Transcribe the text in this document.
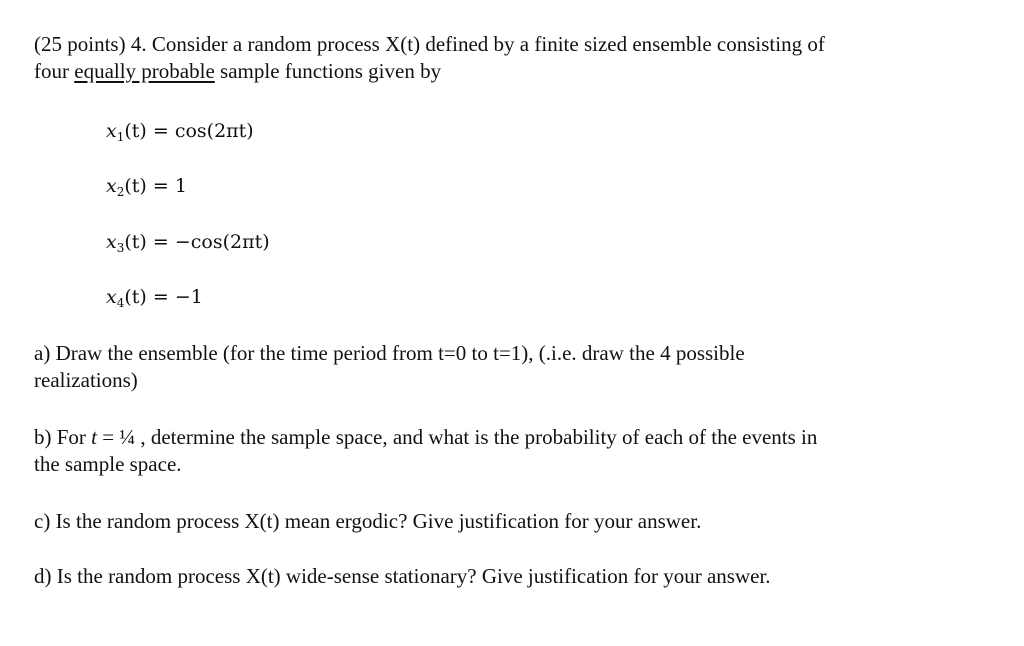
(25 points) 4. Consider a random process X(t) defined by a finite sized ensemble consisting of
four equally probable sample functions given by
$x_1(t) = \cos(2\pi t)$
$x_2(t) = 1$
$x_3(t) = -\cos(2\pi t)$
$x_4(t) = -1$
a) Draw the ensemble (for the time period from t=0 to t=1), (.i.e. draw the 4 possible
realizations)
b) For t = ¼ , determine the sample space, and what is the probability of each of the events in
the sample space.
c) Is the random process X(t) mean ergodic? Give justification for your answer.
d) Is the random process X(t) wide-sense stationary? Give justification for your answer.
